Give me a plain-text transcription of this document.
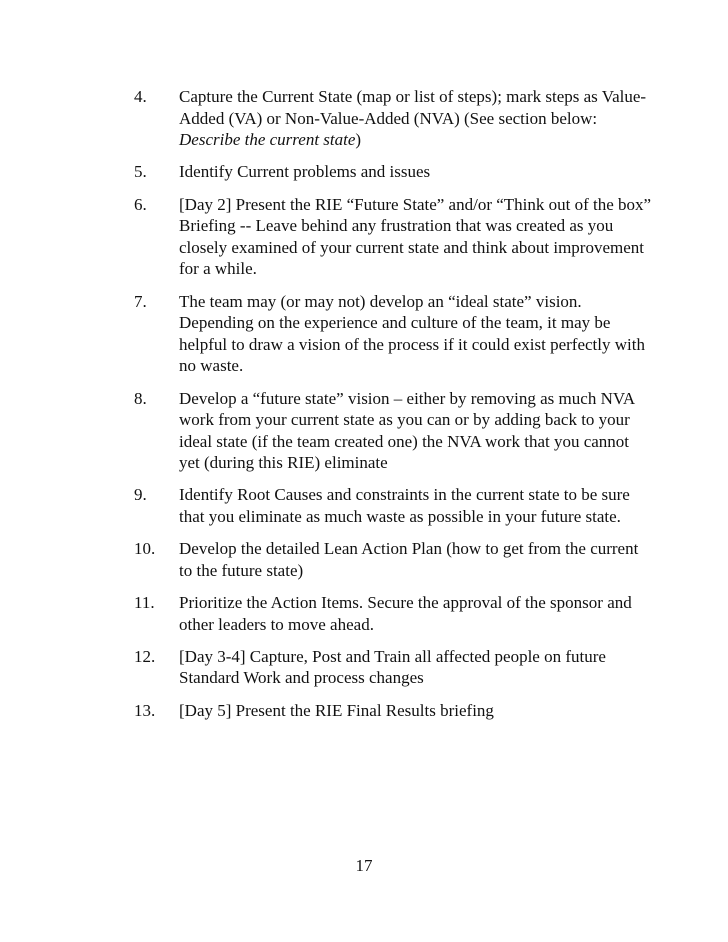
4. Capture the Current State (map or list of steps); mark steps as Value-Added (VA) or Non-Value-Added (NVA) (See section below: Describe the current state)
5. Identify Current problems and issues
6. [Day 2] Present the RIE “Future State” and/or “Think out of the box” Briefing -- Leave behind any frustration that was created as you closely examined of your current state and think about improvement for a while.
7. The team may (or may not) develop an “ideal state” vision. Depending on the experience and culture of the team, it may be helpful to draw a vision of the process if it could exist perfectly with no waste.
8. Develop a “future state” vision – either by removing as much NVA work from your current state as you can or by adding back to your ideal state (if the team created one) the NVA work that you cannot yet (during this RIE) eliminate
9. Identify Root Causes and constraints in the current state to be sure that you eliminate as much waste as possible in your future state.
10. Develop the detailed Lean Action Plan (how to get from the current to the future state)
11. Prioritize the Action Items. Secure the approval of the sponsor and other leaders to move ahead.
12. [Day 3-4] Capture, Post and Train all affected people on future Standard Work and process changes
13. [Day 5] Present the RIE Final Results briefing
17
